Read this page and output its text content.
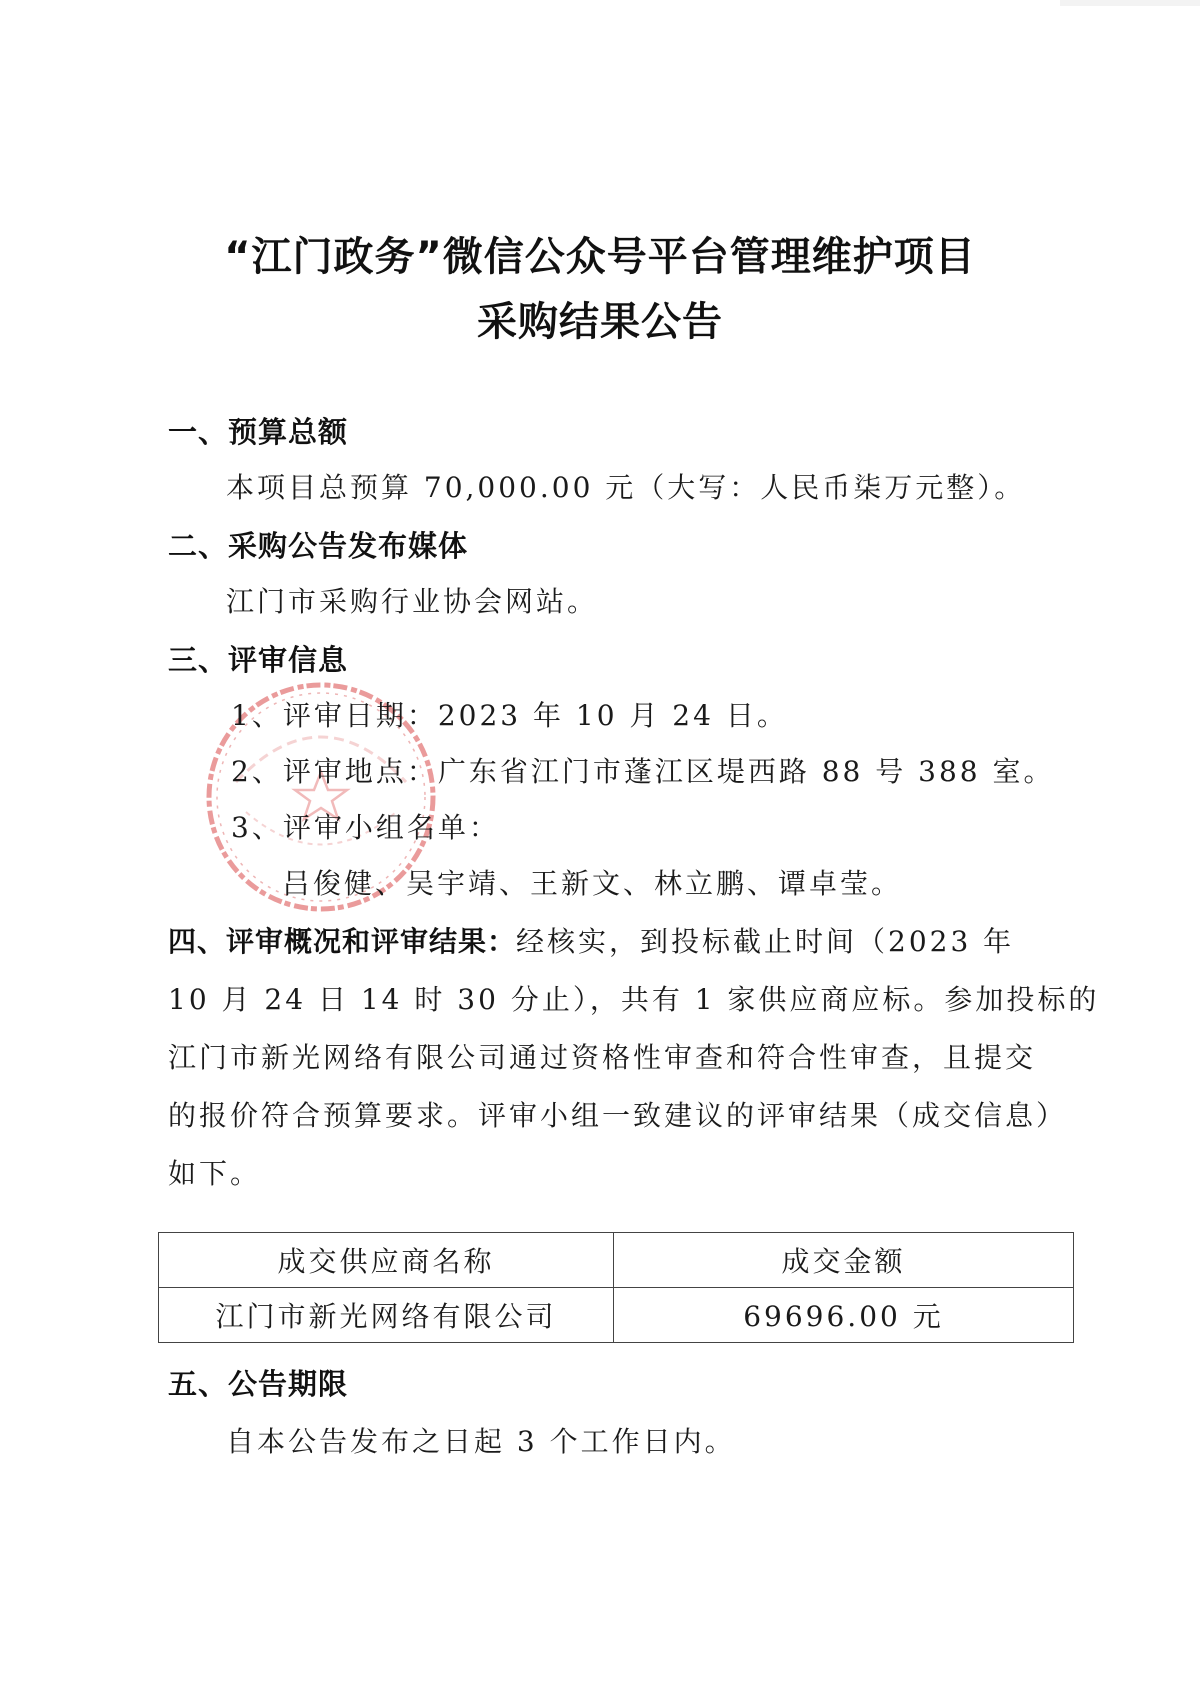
“江门政务”微信公众号平台管理维护项目
采购结果公告
一、预算总额
本项目总预算 70,000.00 元（大写：人民币柒万元整）。
二、采购公告发布媒体
江门市采购行业协会网站。
三、评审信息
1、评审日期：2023 年 10 月 24 日。
2、评审地点：广东省江门市蓬江区堤西路 88 号 388 室。
3、评审小组名单：
吕俊健、吴宇靖、王新文、林立鹏、谭卓莹。
四、评审概况和评审结果：经核实，到投标截止时间（2023 年
10 月 24 日 14 时 30 分止），共有 1 家供应商应标。参加投标的
江门市新光网络有限公司通过资格性审查和符合性审查，且提交
的报价符合预算要求。评审小组一致建议的评审结果（成交信息）
如下。
成交供应商名称	成交金额
江门市新光网络有限公司	69696.00 元
五、公告期限
自本公告发布之日起 3 个工作日内。
